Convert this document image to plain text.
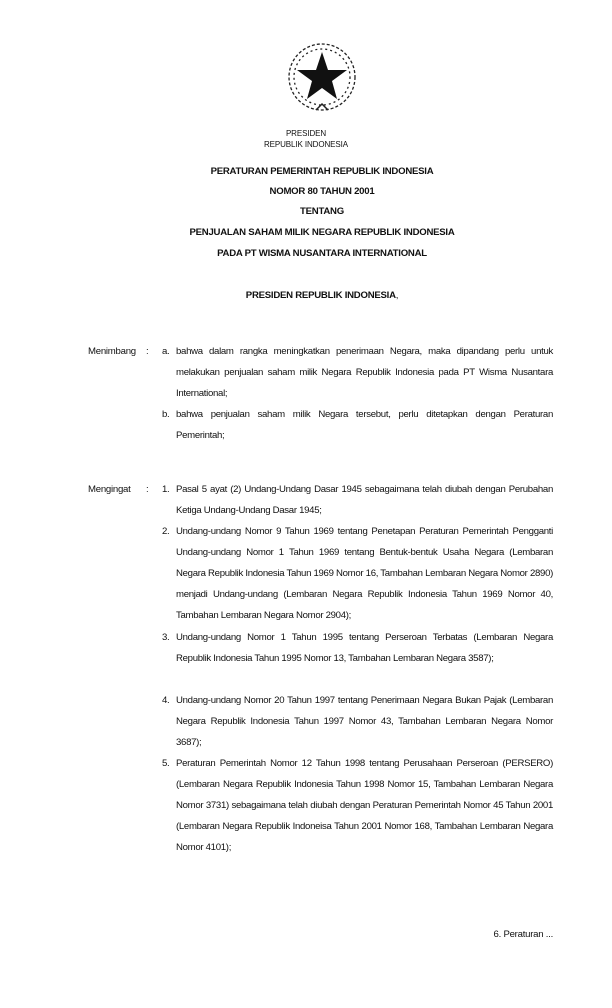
PRESIDEN
REPUBLIK INDONESIA
PERATURAN PEMERINTAH REPUBLIK INDONESIA
NOMOR 80 TAHUN 2001
TENTANG
PENJUALAN SAHAM MILIK NEGARA REPUBLIK INDONESIA
PADA PT WISMA NUSANTARA INTERNATIONAL
PRESIDEN REPUBLIK INDONESIA,
Menimbang : a. bahwa dalam rangka meningkatkan penerimaan Negara, maka dipandang perlu untuk melakukan penjualan saham milik Negara Republik Indonesia pada PT Wisma Nusantara International;
b. bahwa penjualan saham milik Negara tersebut, perlu ditetapkan dengan Peraturan Pemerintah;
Mengingat : 1. Pasal 5 ayat (2) Undang-Undang Dasar 1945 sebagaimana telah diubah dengan Perubahan Ketiga Undang-Undang Dasar 1945;
2. Undang-undang Nomor 9 Tahun 1969 tentang Penetapan Peraturan Pemerintah Pengganti Undang-undang Nomor 1 Tahun 1969 tentang Bentuk-bentuk Usaha Negara (Lembaran Negara Republik Indonesia Tahun 1969 Nomor 16, Tambahan Lembaran Negara Nomor 2890) menjadi Undang-undang (Lembaran Negara Republik Indonesia Tahun 1969 Nomor 40, Tambahan Lembaran Negara Nomor 2904);
3. Undang-undang Nomor 1 Tahun 1995 tentang Perseroan Terbatas (Lembaran Negara Republik Indonesia Tahun 1995 Nomor 13, Tambahan Lembaran Negara 3587);
4. Undang-undang Nomor 20 Tahun 1997 tentang Penerimaan Negara Bukan Pajak (Lembaran Negara Republik Indonesia Tahun 1997 Nomor 43, Tambahan Lembaran Negara Nomor 3687);
5. Peraturan Pemerintah Nomor 12 Tahun 1998 tentang Perusahaan Perseroan (PERSERO) (Lembaran Negara Republik Indonesia Tahun 1998 Nomor 15, Tambahan Lembaran Negara Nomor 3731) sebagaimana telah diubah dengan Peraturan Pemerintah Nomor 45 Tahun 2001 (Lembaran Negara Republik Indoneisa Tahun 2001 Nomor 168, Tambahan Lembaran Negara Nomor 4101);
6. Peraturan ...
